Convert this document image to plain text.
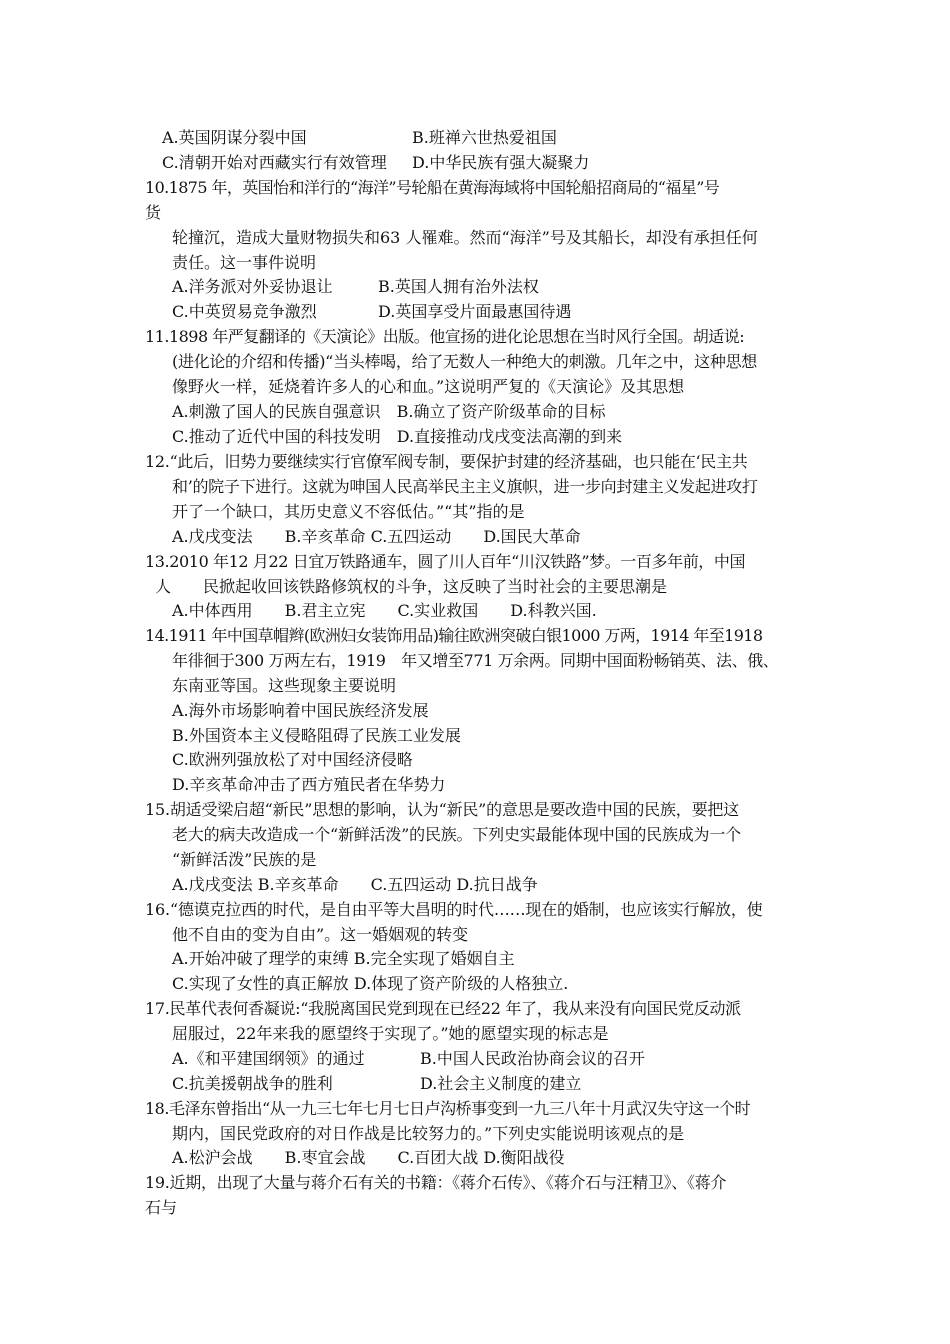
A.英国阴谋分裂中国	B.班禅六世热爱祖国
C.清朝开始对西藏实行有效管理 D.中华民族有强大凝聚力
10.1875 年，英国怡和洋行的“海洋”号轮船在黄海海域将中国轮船招商局的“福星”号
货
轮撞沉，造成大量财物损失和63 人罹难。然而“海洋”号及其船长，却没有承担任何
责任。这一事件说明
A.洋务派对外妥协退让	B.英国人拥有治外法权
C.中英贸易竞争激烈	D.英国享受片面最惠国待遇
11.1898 年严复翻译的《天演论》出版。他宣扬的进化论思想在当时风行全国。胡适说:
(进化论的介绍和传播)“当头棒喝，给了无数人一种绝大的刺激。几年之中，这种思想
像野火一样，延烧着许多人的心和血。”这说明严复的《天演论》及其思想
A.刺激了国人的民族自强意识　B.确立了资产阶级革命的目标
C.推动了近代中国的科技发明　D.直接推动戊戌变法高潮的到来
12.“此后，旧势力要继续实行官僚军阀专制，要保护封建的经济基础，也只能在‘民主共
和’的院子下进行。这就为呻国人民高举民主主义旗帜，进一步向封建主义发起进攻打
开了一个缺口，其历史意义不容低估。”“其”指的是
A.戊戌变法　　B.辛亥革命 C.五四运动　　D.国民大革命
13.2010 年12 月22 日宜万铁路通车，圆了川人百年“川汉铁路”梦。一百多年前，中国
人　　民掀起收回该铁路修筑权的斗争，这反映了当时社会的主要思潮是
A.中体西用　　B.君主立宪　　C.实业救国　　D.科教兴国.
14.1911 年中国草帽辫(欧洲妇女装饰用品)输往欧洲突破白银1000 万两，1914 年至1918
年徘徊于300 万两左右，1919　年又增至771 万余两。同期中国面粉畅销英、法、俄、
东南亚等国。这些现象主要说明
A.海外市场影响着中国民族经济发展
B.外国资本主义侵略阻碍了民族工业发展
C.欧洲列强放松了对中国经济侵略
D.辛亥革命冲击了西方殖民者在华势力
15.胡适受梁启超“新民”思想的影响，认为“新民”的意思是要改造中国的民族，要把这
老大的病夫改造成一个“新鲜活泼”的民族。下列史实最能体现中国的民族成为一个
“新鲜活泼”民族的是
A.戊戌变法 B.辛亥革命　　C.五四运动 D.抗日战争
16.“德谟克拉西的时代，是自由平等大昌明的时代……现在的婚制，也应该实行解放，使
他不自由的变为自由”。这一婚姻观的转变
A.开始冲破了理学的束缚 B.完全实现了婚姻自主
C.实现了女性的真正解放 D.体现了资产阶级的人格独立.
17.民革代表何香凝说:“我脱离国民党到现在已经22 年了，我从来没有向国民党反动派
屈服过，22年来我的愿望终于实现了。”她的愿望实现的标志是
A.《和平建国纲领》的通过	B.中国人民政治协商会议的召开
C.抗美援朝战争的胜利	D.社会主义制度的建立
18.毛泽东曾指出“从一九三七年七月七日卢沟桥事变到一九三八年十月武汉失守这一个时
期内，国民党政府的对日作战是比较努力的。”下列史实能说明该观点的是
A.松沪会战　　B.枣宜会战　　C.百团大战 D.衡阳战役
19.近期，出现了大量与蒋介石有关的书籍：《蒋介石传》、《蒋介石与汪精卫》、《蒋介
石与
